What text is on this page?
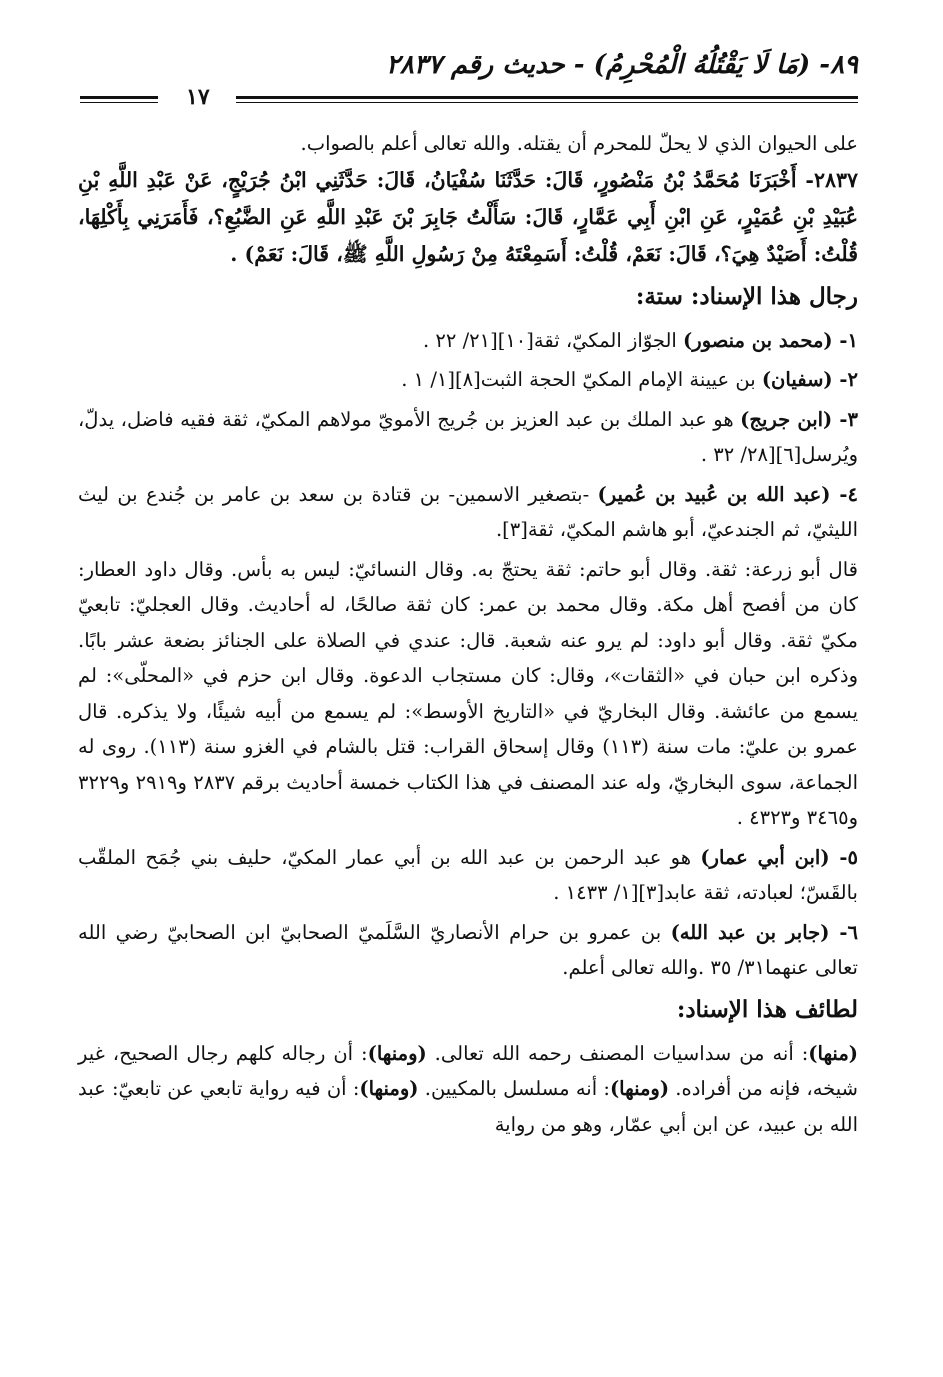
٨٩- (مَا لَا يَقْتُلُهُ الْمُحْرِمُ) - حديث رقم ٢٨٣٧
١٧

على الحيوان الذي لا يحلّ للمحرم أن يقتله. والله تعالى أعلم بالصواب.

٢٨٣٧- أَخْبَرَنَا مُحَمَّدُ بْنُ مَنْصُورٍ، قَالَ: حَدَّثَنَا سُفْيَانُ، قَالَ: حَدَّثَنِي ابْنُ جُرَيْجٍ، عَنْ عَبْدِ اللَّهِ بْنِ عُبَيْدِ بْنِ عُمَيْرٍ، عَنِ ابْنِ أَبِي عَمَّارٍ، قَالَ: سَأَلْتُ جَابِرَ بْنَ عَبْدِ اللَّهِ عَنِ الضَّبُعِ؟، فَأَمَرَنِي بِأَكْلِهَا، قُلْتُ: أَصَيْدٌ هِيَ؟، قَالَ: نَعَمْ، قُلْتُ: أَسَمِعْتَهُ مِنْ رَسُولِ اللَّهِ ﷺ، قَالَ: نَعَمْ) .

رجال هذا الإسناد: ستة:

١- (محمد بن منصور) الجوّاز المكيّ، ثقة[١٠][٢١/ ٢٢ .

٢- (سفيان) بن عيينة الإمام المكيّ الحجة الثبت[٨][١/ ١ .

٣- (ابن جريج) هو عبد الملك بن عبد العزيز بن جُريج الأمويّ مولاهم المكيّ، ثقة فقيه فاضل، يدلّ، ويُرسل[٦][٢٨/ ٣٢ .

٤- (عبد الله بن عُبيد بن عُمير) -بتصغير الاسمين- بن قتادة بن سعد بن عامر بن جُندع بن ليث الليثيّ، ثم الجندعيّ، أبو هاشم المكيّ، ثقة[٣].

قال أبو زرعة: ثقة. وقال أبو حاتم: ثقة يحتجّ به. وقال النسائيّ: ليس به بأس. وقال داود العطار: كان من أفصح أهل مكة. وقال محمد بن عمر: كان ثقة صالحًا، له أحاديث. وقال العجليّ: تابعيّ مكيّ ثقة. وقال أبو داود: لم يرو عنه شعبة. قال: عندي في الصلاة على الجنائز بضعة عشر بابًا. وذكره ابن حبان في «الثقات»، وقال: كان مستجاب الدعوة. وقال ابن حزم في «المحلّى»: لم يسمع من عائشة. وقال البخاريّ في «التاريخ الأوسط»: لم يسمع من أبيه شيئًا، ولا يذكره. قال عمرو بن عليّ: مات سنة (١١٣) وقال إسحاق القراب: قتل بالشام في الغزو سنة (١١٣). روى له الجماعة، سوى البخاريّ، وله عند المصنف في هذا الكتاب خمسة أحاديث برقم ٢٨٣٧ و٢٩١٩ و٣٢٢٩ و٣٤٦٥ و٤٣٢٣ .

٥- (ابن أبي عمار) هو عبد الرحمن بن عبد الله بن أبي عمار المكيّ، حليف بني جُمَح الملقّب بالقَسّ؛ لعبادته، ثقة عابد[٣][١/ ١٤٣٣ .

٦- (جابر بن عبد الله) بن عمرو بن حرام الأنصاريّ السَّلَميّ الصحابيّ ابن الصحابيّ رضي الله تعالى عنهما٣١/ ٣٥ .والله تعالى أعلم.

لطائف هذا الإسناد:

(منها): أنه من سداسيات المصنف رحمه الله تعالى. (ومنها): أن رجاله كلهم رجال الصحيح، غير شيخه، فإنه من أفراده. (ومنها): أنه مسلسل بالمكيين. (ومنها): أن فيه رواية تابعي عن تابعيّ: عبد الله بن عبيد، عن ابن أبي عمّار، وهو من رواية
